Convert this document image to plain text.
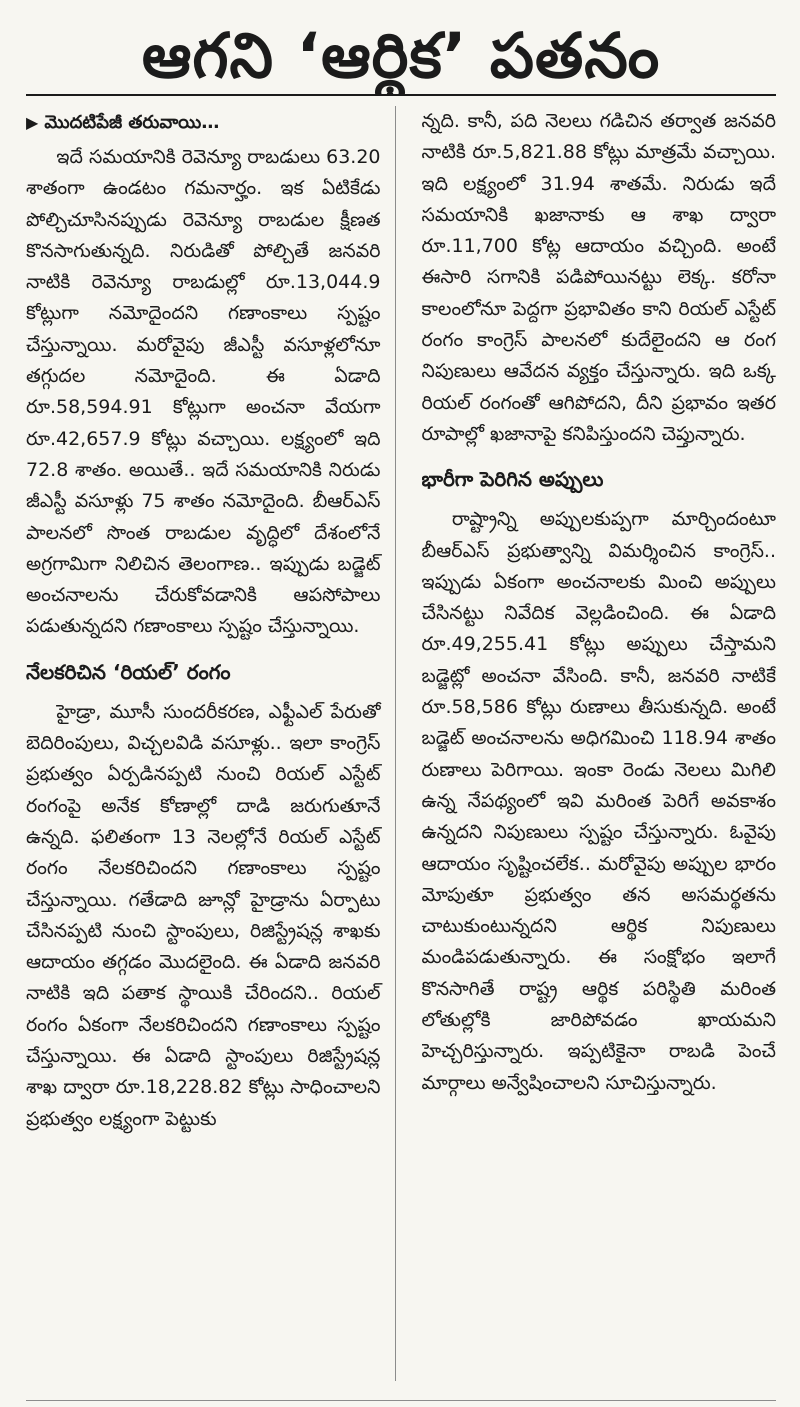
ఆగని ‘ఆర్థిక’ పతనం
▶ మొదటిపేజీ తరువాయి…

ఇదే సమయానికి రెవెన్యూ రాబడులు 63.20 శాతంగా ఉండటం గమనార్హం. ఇక ఏటికేడు పోల్చిచూసినప్పుడు రెవెన్యూ రాబడుల క్షీణత కొనసాగుతున్నది. నిరుడితో పోల్చితే జనవరి నాటికి రెవెన్యూ రాబడుల్లో రూ.13,044.9 కోట్లుగా నమోదైందని గణాంకాలు స్పష్టం చేస్తున్నాయి. మరోవైపు జీఎస్టీ వసూళ్లలోనూ తగ్గుదల నమోదైంది. ఈ ఏడాది రూ.58,594.91 కోట్లుగా అంచనా వేయగా రూ.42,657.9 కోట్లు వచ్చాయి. లక్ష్యంలో ఇది 72.8 శాతం. అయితే.. ఇదే సమయానికి నిరుడు జీఎస్టీ వసూళ్లు 75 శాతం నమోదైంది. బీఆర్ఎస్ పాలనలో సొంత రాబడుల వృద్ధిలో దేశంలోనే అగ్రగామిగా నిలిచిన తెలంగాణ.. ఇప్పుడు బడ్జెట్ అంచనాలను చేరుకోవడానికి ఆపసోపాలు పడుతున్నదని గణాంకాలు స్పష్టం చేస్తున్నాయి.

నేలకరిచిన ‘రియల్’ రంగం

హైడ్రా, మూసీ సుందరీకరణ, ఎఫ్టీఎల్ పేరుతో బెదిరింపులు, విచ్చలవిడి వసూళ్లు.. ఇలా కాంగ్రెస్ ప్రభుత్వం ఏర్పడినప్పటి నుంచి రియల్ ఎస్టేట్ రంగంపై అనేక కోణాల్లో దాడి జరుగుతూనే ఉన్నది. ఫలితంగా 13 నెలల్లోనే రియల్ ఎస్టేట్ రంగం నేలకరిచిందని గణాంకాలు స్పష్టం చేస్తున్నాయి. గతేడాది జూన్లో హైడ్రాను ఏర్పాటు చేసినప్పటి నుంచి స్టాంపులు, రిజిస్ట్రేషన్ల శాఖకు ఆదాయం తగ్గడం మొదలైంది. ఈ ఏడాది జనవరి నాటికి ఇది పతాక స్థాయికి చేరిందని.. రియల్ రంగం ఏకంగా నేలకరిచిందని గణాంకాలు స్పష్టం చేస్తున్నాయి. ఈ ఏడాది స్టాంపులు రిజిస్ట్రేషన్ల శాఖ ద్వారా రూ.18,228.82 కోట్లు సాధించాలని ప్రభుత్వం లక్ష్యంగా పెట్టుకు

న్నది. కానీ, పది నెలలు గడిచిన తర్వాత జనవరి నాటికి రూ.5,821.88 కోట్లు మాత్రమే వచ్చాయి. ఇది లక్ష్యంలో 31.94 శాతమే. నిరుడు ఇదే సమయానికి ఖజానాకు ఆ శాఖ ద్వారా రూ.11,700 కోట్ల ఆదాయం వచ్చింది. అంటే ఈసారి సగానికి పడిపోయినట్టు లెక్క. కరోనా కాలంలోనూ పెద్దగా ప్రభావితం కాని రియల్ ఎస్టేట్ రంగం కాంగ్రెస్ పాలనలో కుదేలైందని ఆ రంగ నిపుణులు ఆవేదన వ్యక్తం చేస్తున్నారు. ఇది ఒక్క రియల్ రంగంతో ఆగిపోదని, దీని ప్రభావం ఇతర రూపాల్లో ఖజానాపై కనిపిస్తుందని చెప్తున్నారు.

భారీగా పెరిగిన అప్పులు

రాష్ట్రాన్ని అప్పులకుప్పగా మార్చిందంటూ బీఆర్ఎస్ ప్రభుత్వాన్ని విమర్శించిన కాంగ్రెస్.. ఇప్పుడు ఏకంగా అంచనాలకు మించి అప్పులు చేసినట్టు నివేదిక వెల్లడించింది. ఈ ఏడాది రూ.49,255.41 కోట్లు అప్పులు చేస్తామని బడ్జెట్లో అంచనా వేసింది. కానీ, జనవరి నాటికే రూ.58,586 కోట్లు రుణాలు తీసుకున్నది. అంటే బడ్జెట్ అంచనాలను అధిగమించి 118.94 శాతం రుణాలు పెరిగాయి. ఇంకా రెండు నెలలు మిగిలి ఉన్న నేపథ్యంలో ఇవి మరింత పెరిగే అవకాశం ఉన్నదని నిపుణులు స్పష్టం చేస్తున్నారు. ఓవైపు ఆదాయం సృష్టించలేక.. మరోవైపు అప్పుల భారం మోపుతూ ప్రభుత్వం తన అసమర్థతను చాటుకుంటున్నదని ఆర్థిక నిపుణులు మండిపడుతున్నారు. ఈ సంక్షోభం ఇలాగే కొనసాగితే రాష్ట్ర ఆర్థిక పరిస్థితి మరింత లోతుల్లోకి జారిపోవడం ఖాయమని హెచ్చరిస్తున్నారు. ఇప్పటికైనా రాబడి పెంచే మార్గాలు అన్వేషించాలని సూచిస్తున్నారు.
